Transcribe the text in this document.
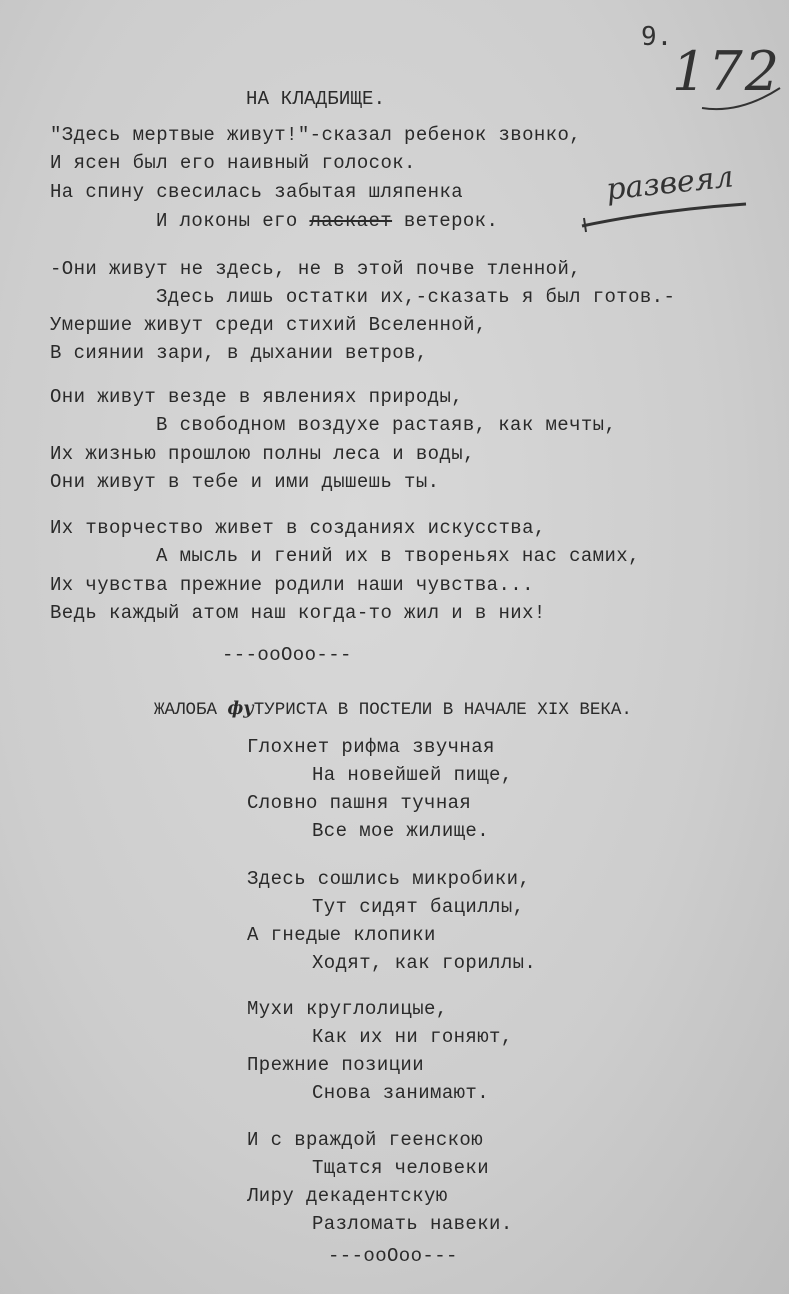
9.
172
НА КЛАДБИЩЕ.
"Здесь мертвые живут!"-сказал ребенок звонко,
И ясен был его наивный голосок.
На спину свесилась забытая шляпенка
И локоны его ласкает ветерок.
развеял
-Они живут не здесь, не в этой почве тленной,
Здесь лишь остатки их,-сказать я был готов.-
Умершие живут среди стихий Вселенной,
В сиянии зари, в дыхании ветров,
Они живут везде в явлениях природы,
В свободном воздухе растаяв, как мечты,
Их жизнью прошлою полны леса и воды,
Они живут в тебе и ими дышешь ты.
Их творчество живет в созданиях искусства,
А мысль и гений их в твореньях нас самих,
Их чувства прежние родили наши чувства...
Ведь каждый атом наш когда-то жил и в них!
---ооОоо---
ЖАЛОБА фуТУРИСТА В ПОСТЕЛИ В НАЧАЛЕ XIX ВЕКА.
Глохнет рифма звучная
На новейшей пище,
Словно пашня тучная
Все мое жилище.
Здесь сошлись микробики,
Тут сидят бациллы,
А гнедые клопики
Ходят, как гориллы.
Мухи круглолицые,
Как их ни гоняют,
Прежние позиции
Снова занимают.
И с враждой геенскою
Тщатся человеки
Лиру декадентскую
Разломать навеки.
---ооОоо---
